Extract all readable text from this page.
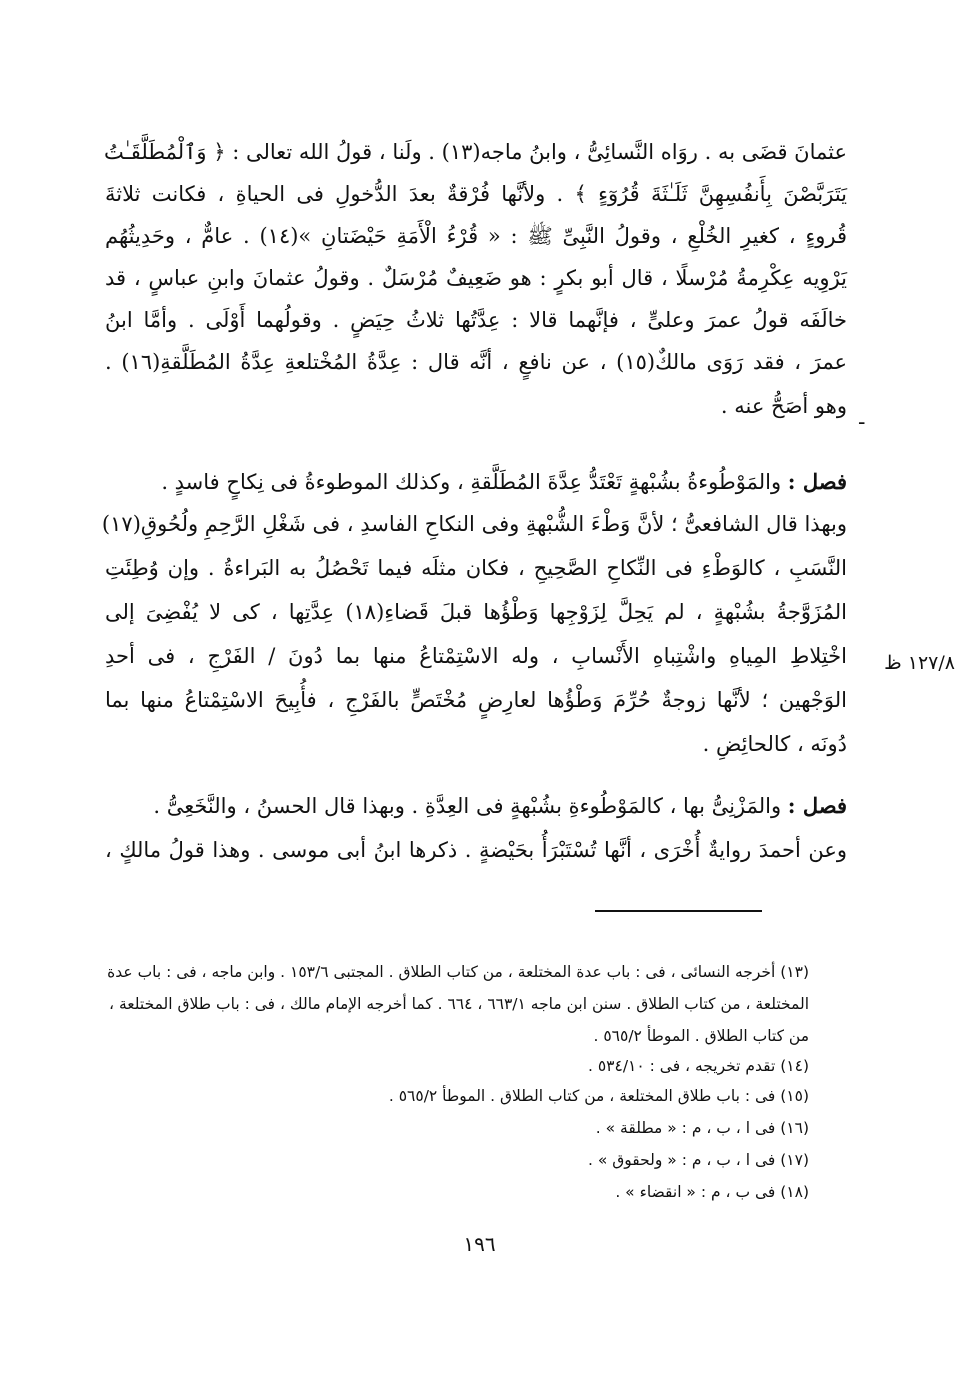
عثمانَ قضَى به . روَاه النَّسائِىُّ ، وابنُ ماجه(١٣) . ولَنا ، قولُ الله تعالى : ﴿ وَٱلْمُطَلَّقَـٰتُ
يَتَرَبَّصْنَ بِأَنفُسِهِنَّ ثَلَـٰثَةَ قُرُوٓءٍ ﴾ . ولأنَّها فُرْقةٌ بعدَ الدُّخولِ فى الحياةِ ، فكانت ثلاثةَ
قُروءٍ ، كغيرِ الخُلْعِ ، وقولُ النَّبِىِّ ﷺ : « قُرْءُ الْأَمَةِ حَيْضَتانِ »(١٤) . عامٌّ ، وحَدِيثُهُم
يَرْوِيه عِكْرِمةُ مُرْسلًا ، قال أبو بكرٍ : هو ضَعِيفٌ مُرْسَلٌ . وقولُ عثمانَ وابنِ عباسٍ ، قد
خالَفَه قولُ عمرَ وعلىٍّ ، فإنَّهما قالا : عِدَّتُها ثلاثُ حِيَضٍ . وقولُهما أَوْلَى . وأمَّا ابنُ
عمرَ ، فقد رَوَى مالكٌ(١٥) ، عن نافعٍ ، أنَّه قال : عِدَّةُ المُخْتلعةِ عِدَّةُ المُطَلَّقةِ(١٦) .
وهو أصَحُّ عنه .
-
فصل : والمَوْطُوءةُ بشُبْهةٍ تَعْتَدُّ عِدَّةَ المُطَلَّقةِ ، وكذلك الموطوءةُ فى نِكاحٍ فاسدٍ .
وبهذا قال الشافعىُّ ؛ لأنَّ وَطْءَ الشُّبْهةِ وفى النكاحِ الفاسدِ ، فى شَغْلِ الرَّحِمِ ولُحُوقِ(١٧)
النَّسَبِ ، كالوَطْءِ فى النِّكاحِ الصَّحِيحِ ، فكان مثلَه فيما تَحْصُلُ به البَراءةُ . وإن وُطِئَتِ
المُزَوَّجةُ بشُبْهةٍ ، لم يَحِلَّ لِزَوْجِها وَطْؤُها قبلَ قَضاءِ(١٨) عِدَّتِها ، كى لا يُفْضِىَ إلى
اخْتِلاطِ المِياهِ واشْتِباهِ الأَنْسابِ ، وله الاسْتِمْتاعُ منها بما دُونَ / الفَرْجِ ، فى أحدِ
الوَجْهين ؛ لأنَّها زوجةٌ حُرِّمَ وَطْؤُها لعارِضٍ مُخْتَصٍّ بالفَرْجِ ، فأُبِيحَ الاسْتِمْتاعُ منها بما
دُونَه ، كالحائِضِ .
١٢٧/٨ ظ
فصل : والمَزْنِىُّ بها ، كالمَوْطُوءةِ بشُبْهةٍ فى العِدَّةِ . وبهذا قال الحسنُ ، والنَّخَعِىُّ .
وعن أحمدَ روايةٌ أُخْرَى ، أنَّها تُسْتَبْرَأُ بحَيْضةٍ . ذكرها ابنُ أبى موسى . وهذا قولُ مالكٍ ،
(١٣) أخرجه النسائى ، فى : باب عدة المختلعة ، من كتاب الطلاق . المجتبى ١٥٣/٦ . وابن ماجه ، فى : باب عدة
المختلعة ، من كتاب الطلاق . سنن ابن ماجه ٦٦٣/١ ، ٦٦٤ . كما أخرجه الإمام مالك ، فى : باب طلاق المختلعة ،
من كتاب الطلاق . الموطأ ٥٦٥/٢ .
(١٤) تقدم تخريجه ، فى : ٥٣٤/١٠ .
(١٥) فى : باب طلاق المختلعة ، من كتاب الطلاق . الموطأ ٥٦٥/٢ .
(١٦) فى ا ، ب ، م : « مطلقة » .
(١٧) فى ا ، ب ، م : « ولحقوق » .
(١٨) فى ب ، م : « انقضاء » .
١٩٦
